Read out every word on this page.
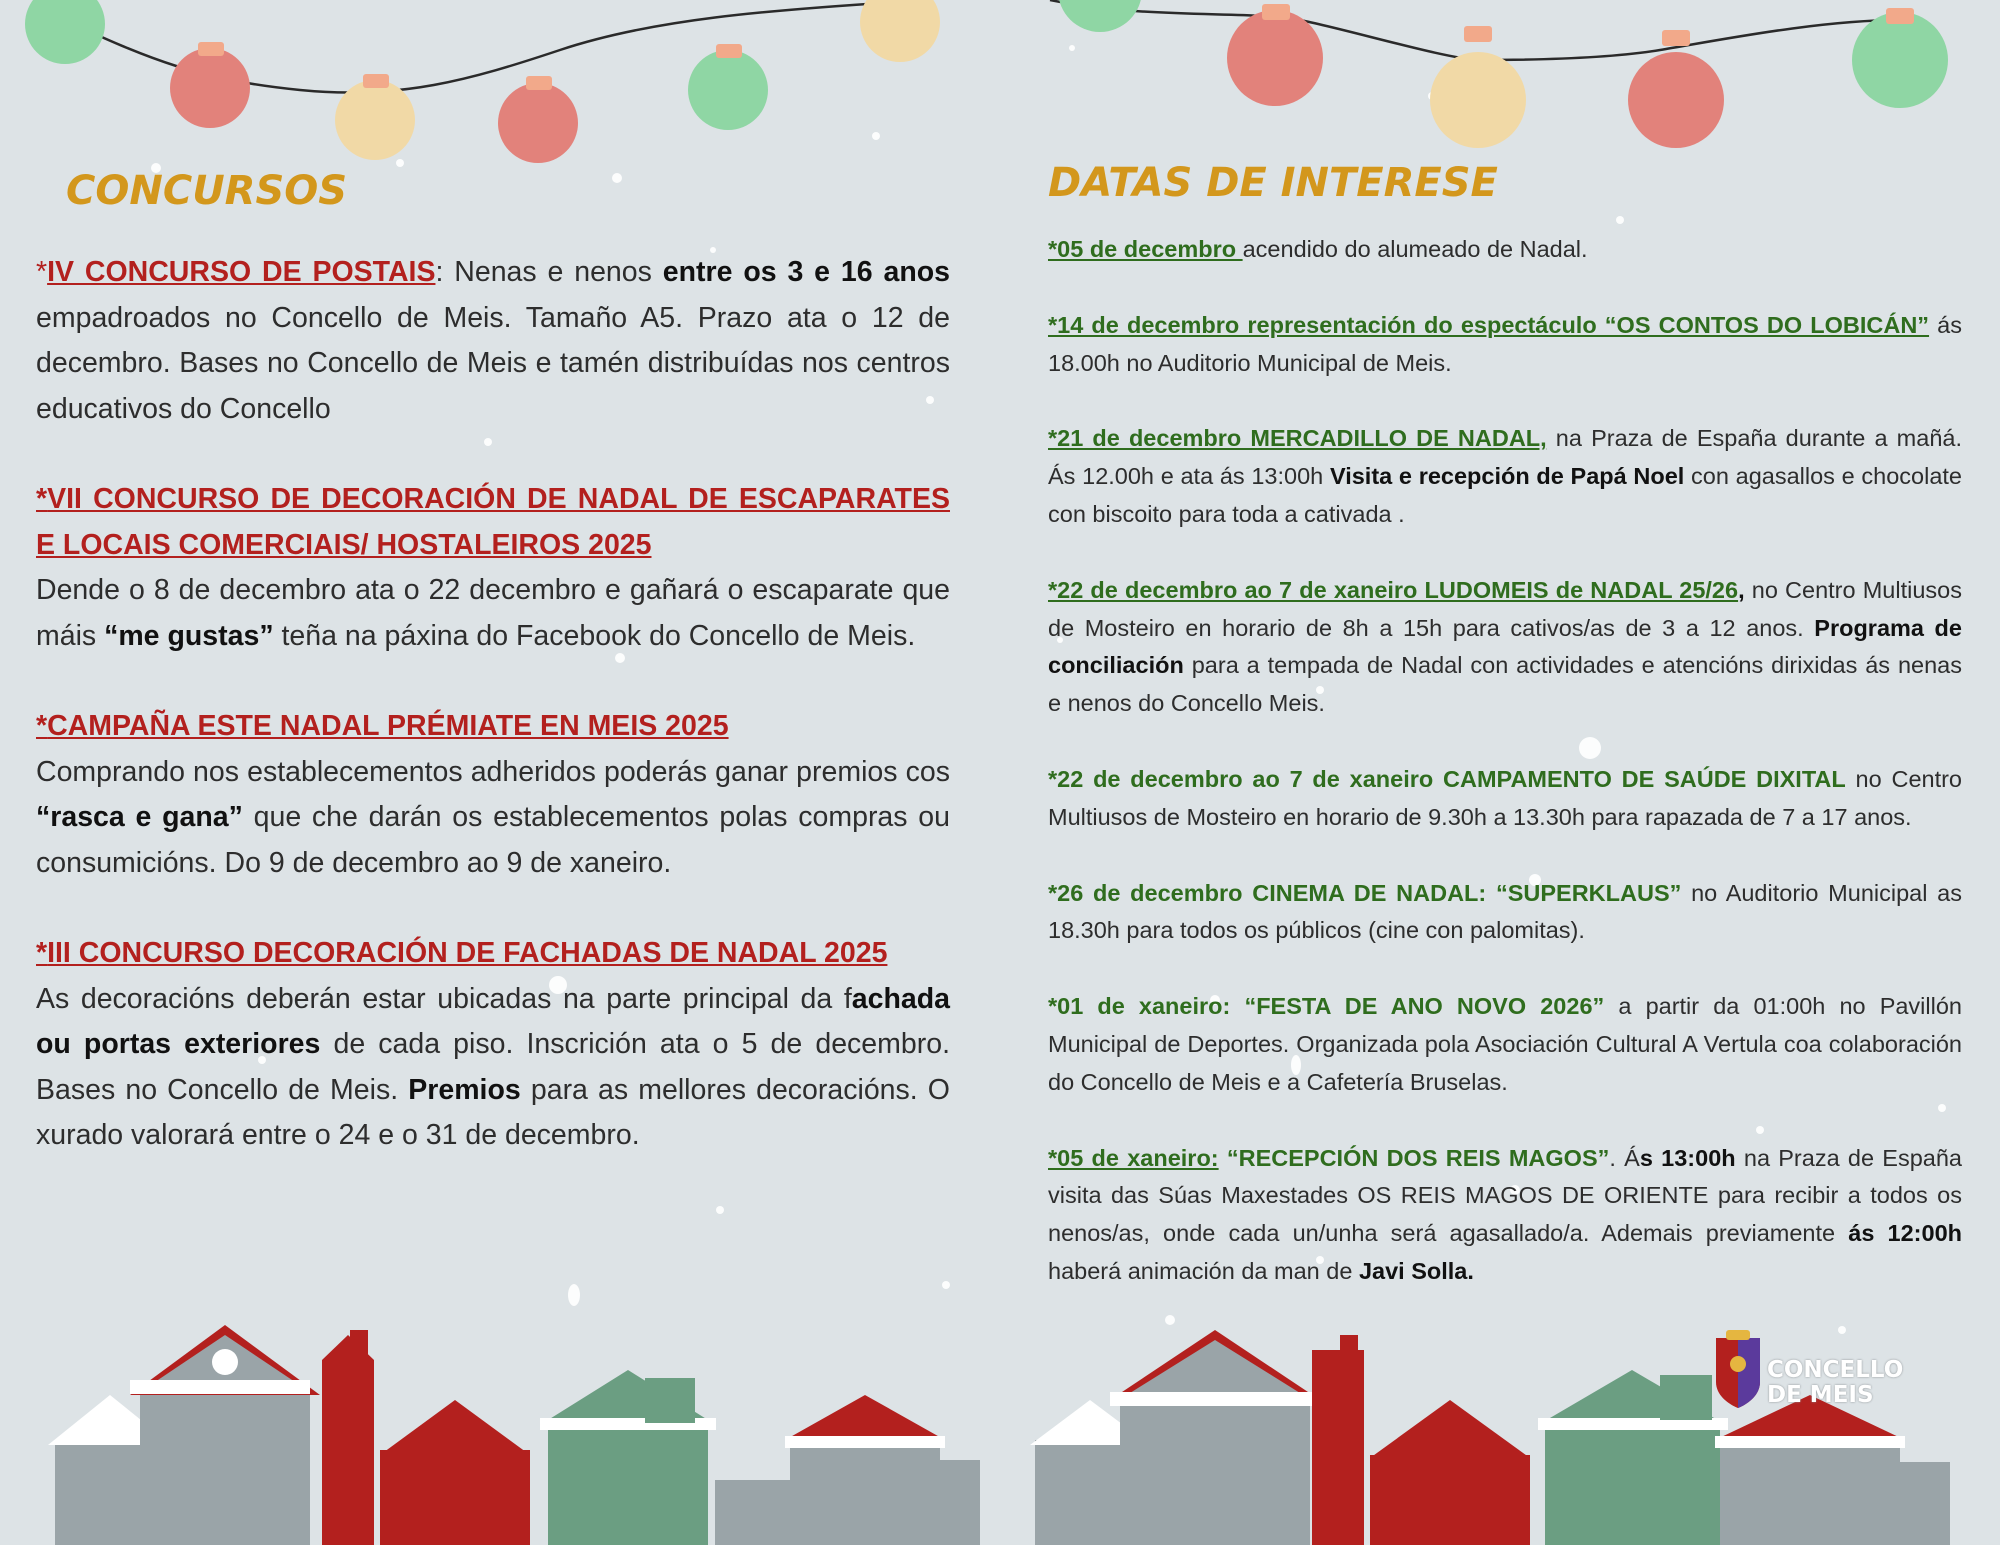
CONCURSOS	DATAS DE INTERESE
*IV CONCURSO DE POSTAIS: Nenas e nenos entre os 3 e 16 anos empadroados no Concello de Meis. Tamaño A5. Prazo ata o 12 de decembro. Bases no Concello de Meis e tamén distribuídas nos centros educativos do Concello
*VII CONCURSO DE DECORACIÓN DE NADAL DE ESCAPARATES E LOCAIS COMERCIAIS/ HOSTALEIROS 2025
Dende o 8 de decembro ata o 22 decembro e gañará o escaparate que máis “me gustas” teña na páxina do Facebook do Concello de Meis.
*CAMPAÑA ESTE NADAL PRÉMIATE EN MEIS 2025
Comprando nos establecementos adheridos poderás ganar premios cos “rasca e gana” que che darán os establecementos polas compras ou consumicións. Do 9 de decembro ao 9 de xaneiro.
*III CONCURSO DECORACIÓN DE FACHADAS DE NADAL 2025
As decoracións deberán estar ubicadas na parte principal da fachada ou portas exteriores de cada piso. Inscrición ata o 5 de decembro. Bases no Concello de Meis. Premios para as mellores decoracións. O xurado valorará entre o 24 e o 31 de decembro.
*05 de decembro acendido do alumeado de Nadal.
*14 de decembro representación do espectáculo “OS CONTOS DO LOBICÁN” ás 18.00h no Auditorio Municipal de Meis.
*21 de decembro MERCADILLO DE NADAL, na Praza de España durante a mañá. Ás 12.00h e ata ás 13:00h Visita e recepción de Papá Noel con agasallos e chocolate con biscoito para toda a cativada .
*22 de decembro ao 7 de xaneiro LUDOMEIS de NADAL 25/26, no Centro Multiusos de Mosteiro en horario de 8h a 15h para cativos/as de 3 a 12 anos. Programa de conciliación para a tempada de Nadal con actividades e atencións dirixidas ás nenas e nenos do Concello Meis.
*22 de decembro ao 7 de xaneiro CAMPAMENTO DE SAÚDE DIXITAL no Centro Multiusos de Mosteiro en horario de 9.30h a 13.30h para rapazada de 7 a 17 anos.
*26 de decembro CINEMA DE NADAL: “SUPERKLAUS” no Auditorio Municipal as 18.30h para todos os públicos (cine con palomitas).
*01 de xaneiro: “FESTA DE ANO NOVO 2026” a partir da 01:00h no Pavillón Municipal de Deportes. Organizada pola Asociación Cultural A Vertula coa colaboración do Concello de Meis e a Cafetería Bruselas.
*05 de xaneiro: “RECEPCIÓN DOS REIS MAGOS”. Ás 13:00h na Praza de España visita das Súas Maxestades OS REIS MAGOS DE ORIENTE para recibir a todos os nenos/as, onde cada un/unha será agasallado/a. Ademais previamente ás 12:00h haberá animación da man de Javi Solla.
CONCELLO
DE MEIS
